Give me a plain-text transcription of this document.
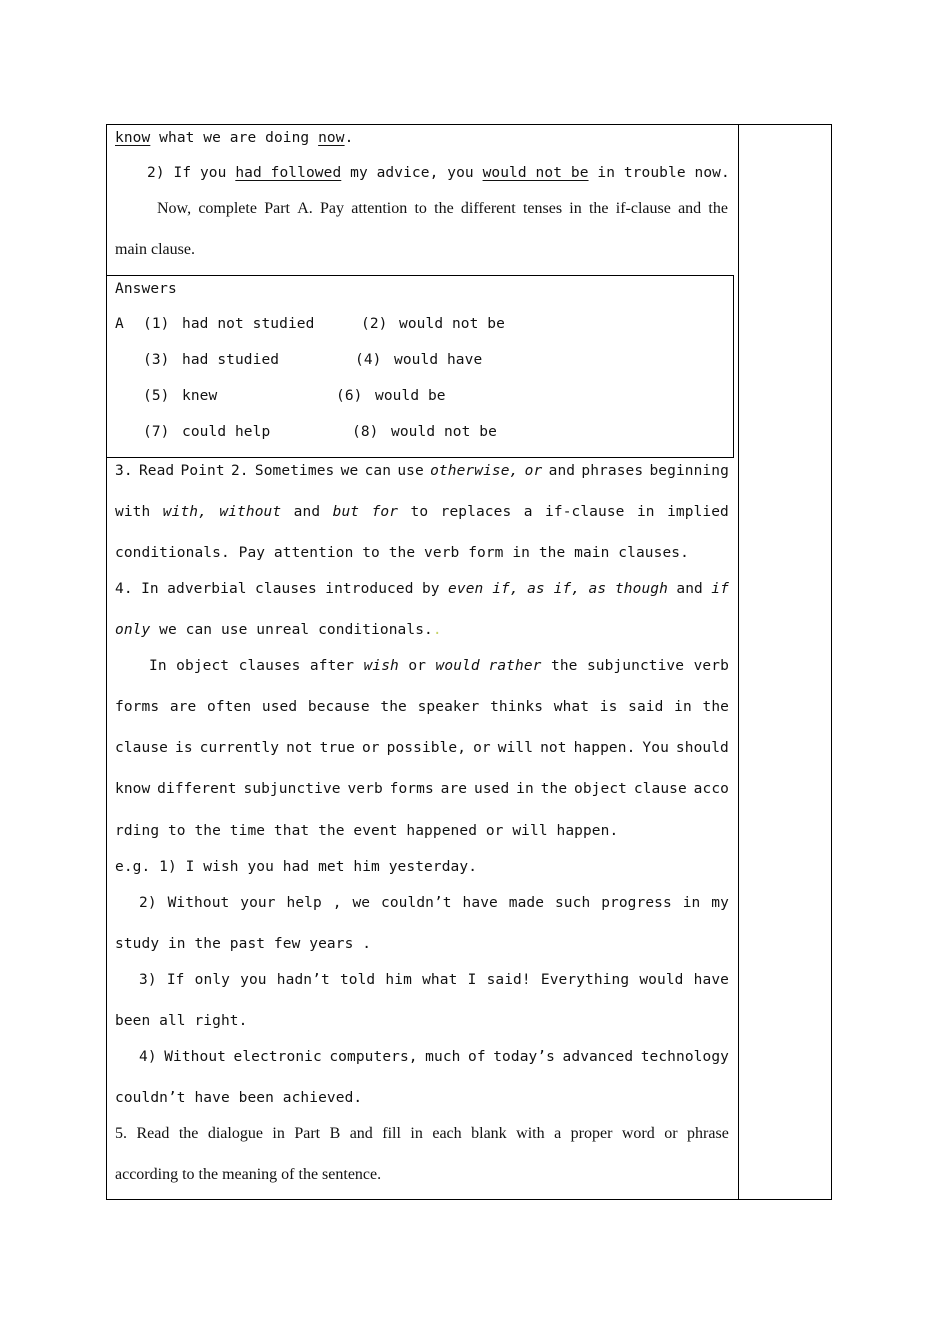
know what we are doing now.
2) If you had followed my advice, you would not be in trouble now.
Now, complete Part A. Pay attention to the different tenses in the if-clause and the
main clause.
Answers
A (1) had not studied	(2) would not be
(3) had studied	(4) would have
(5) knew	(6) would be
(7) could help	(8) would not be
3. Read Point 2. Sometimes we can use otherwise, or and phrases beginning
with with, without and but for to replaces a if-clause in implied
conditionals. Pay attention to the verb form in the main clauses.
4. In adverbial clauses introduced by even if, as if, as though and if
only we can use unreal conditionals..
In object clauses after wish or would rather the subjunctive verb
forms are often used because the speaker thinks what is said in the
clause is currently not true or possible, or will not happen. You should
know different subjunctive verb forms are used in the object clause acco
rding to the time that the event happened or will happen.
e.g. 1) I wish you had met him yesterday.
2) Without your help , we couldn’t have made such progress in my
study in the past few years .
3) If only you hadn’t told him what I said! Everything would have
been all right.
4) Without electronic computers, much of today’s advanced technology
couldn’t have been achieved.
5. Read the dialogue in Part B and fill in each blank with a proper word or phrase
according to the meaning of the sentence.
